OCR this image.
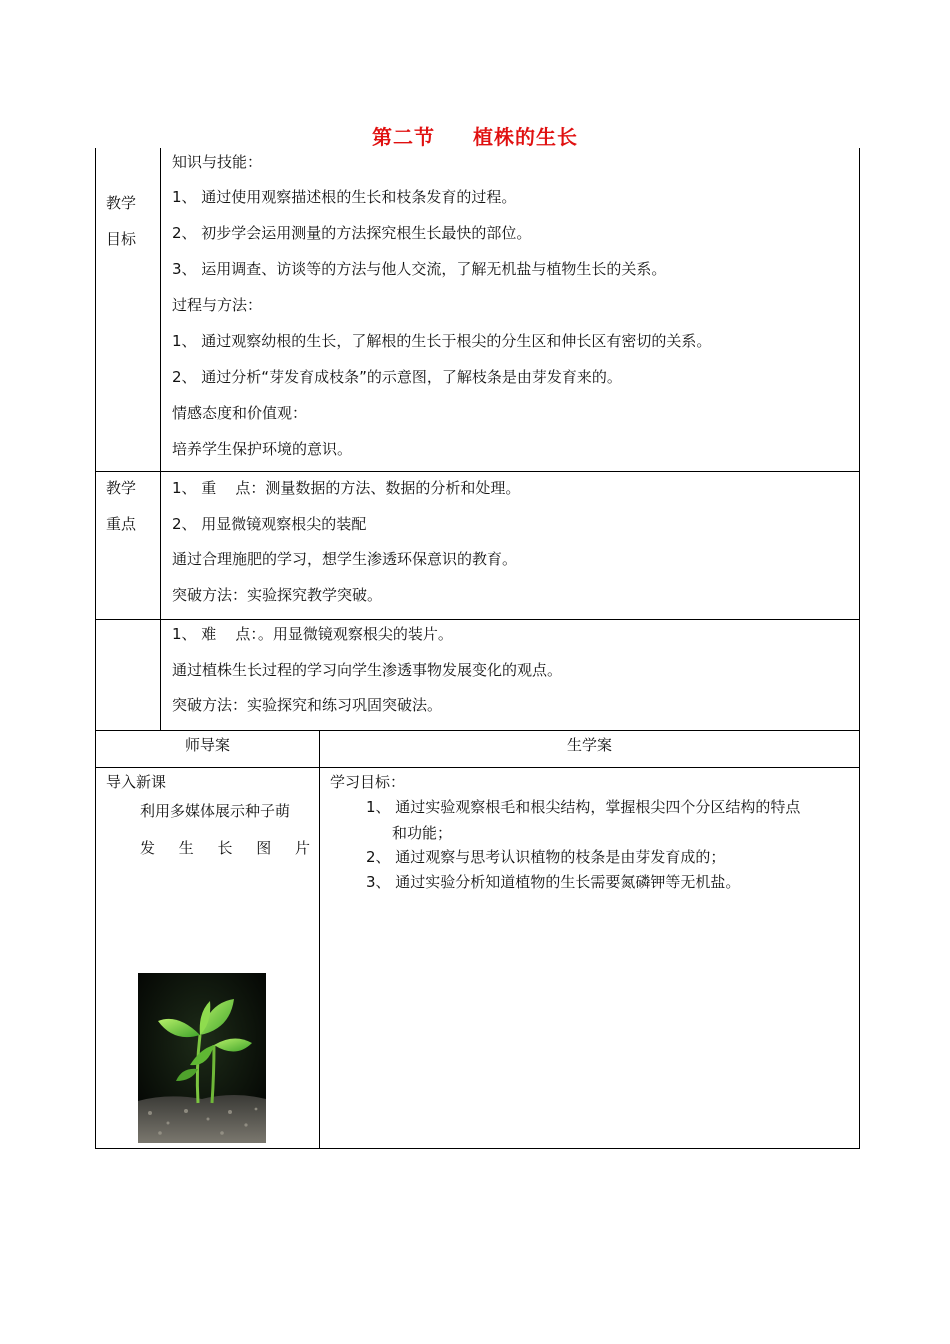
第二节 植株的生长
教学
目标
知识与技能：
1、 通过使用观察描述根的生长和枝条发育的过程。
2、 初步学会运用测量的方法探究根生长最快的部位。
3、 运用调查、访谈等的方法与他人交流，了解无机盐与植物生长的关系。
过程与方法：
1、 通过观察幼根的生长，了解根的生长于根尖的分生区和伸长区有密切的关系。
2、 通过分析“芽发育成枝条”的示意图，了解枝条是由芽发育来的。
情感态度和价值观：
培养学生保护环境的意识。
教学
重点
1、 重    点：测量数据的方法、数据的分析和处理。
2、 用显微镜观察根尖的装配
通过合理施肥的学习，想学生渗透环保意识的教育。
突破方法：实验探究教学突破。
1、 难    点：。用显微镜观察根尖的装片。
通过植株生长过程的学习向学生渗透事物发展变化的观点。
突破方法：实验探究和练习巩固突破法。
师导案	生学案
导入新课
利用多媒体展示种子萌
发 生 长 图 片
学习目标：
1、 通过实验观察根毛和根尖结构，掌握根尖四个分区结构的特点
和功能；
2、 通过观察与思考认识植物的枝条是由芽发育成的；
3、 通过实验分析知道植物的生长需要氮磷钾等无机盐。
